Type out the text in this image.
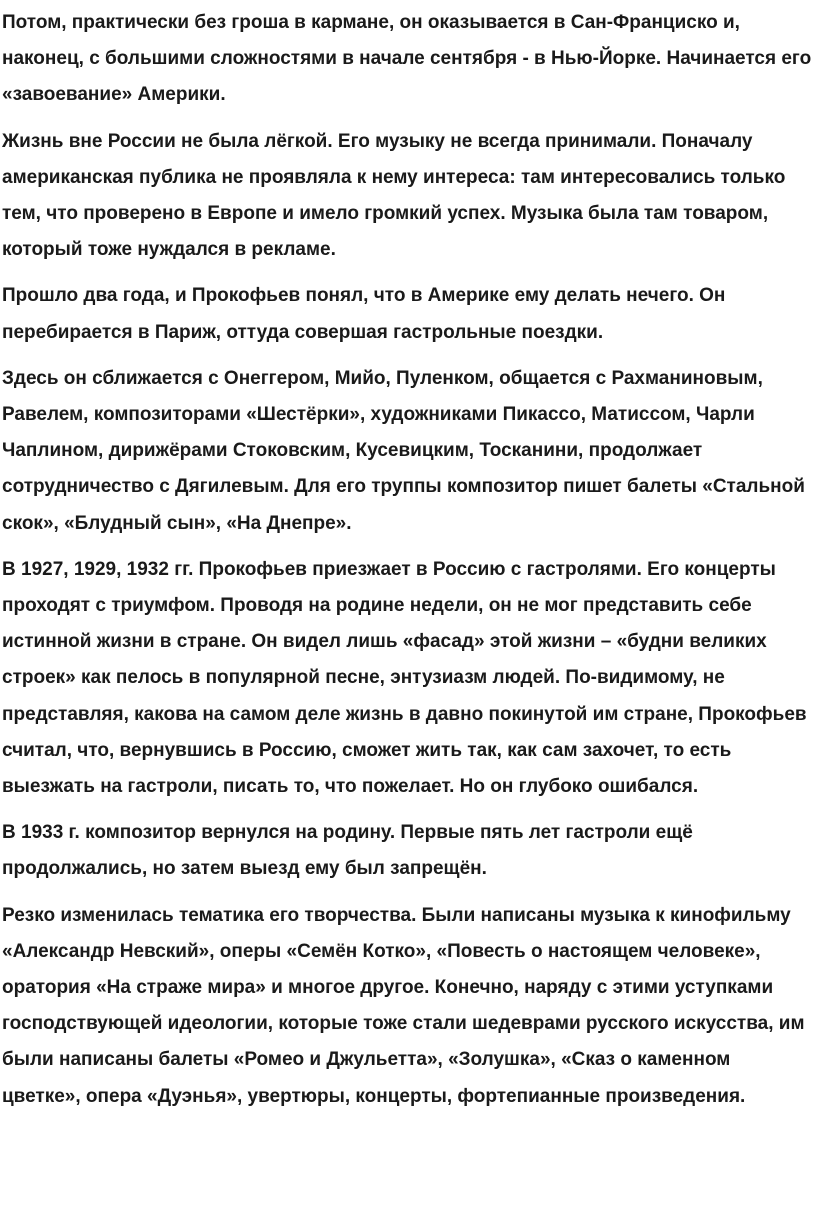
Потом, практически без гроша в кармане, он оказывается в Сан-Франциско и, наконец, с большими сложностями в начале сентября - в Нью-Йорке. Начинается его «завоевание» Америки.

Жизнь вне России не была лёгкой. Его музыку не всегда принимали. Поначалу американская публика не проявляла к нему интереса: там интересовались только тем, что проверено в Европе и имело громкий успех. Музыка была там товаром, который тоже нуждался в рекламе.

Прошло два года, и Прокофьев понял, что в Америке ему делать нечего. Он перебирается в Париж, оттуда совершая гастрольные поездки.

Здесь он сближается с Онеггером, Мийо, Пуленком, общается с Рахманиновым, Равелем, композиторами «Шестёрки», художниками Пикассо, Матиссом, Чарли Чаплином, дирижёрами Стоковским, Кусевицким, Тосканини, продолжает сотрудничество с Дягилевым. Для его труппы композитор пишет балеты «Стальной скок», «Блудный сын», «На Днепре».

В 1927, 1929, 1932 гг. Прокофьев приезжает в Россию с гастролями. Его концерты проходят с триумфом. Проводя на родине недели, он не мог представить себе истинной жизни в стране. Он видел лишь «фасад» этой жизни – «будни великих строек» как пелось в популярной песне, энтузиазм людей. По-видимому, не представляя, какова на самом деле жизнь в давно покинутой им стране, Прокофьев считал, что, вернувшись в Россию, сможет жить так, как сам захочет, то есть выезжать на гастроли, писать то, что пожелает. Но он глубоко ошибался.

В 1933 г. композитор вернулся на родину. Первые пять лет гастроли ещё продолжались, но затем выезд ему был запрещён.

Резко изменилась тематика его творчества. Были написаны музыка к кинофильму «Александр Невский», оперы «Семён Котко», «Повесть о настоящем человеке», оратория «На страже мира» и многое другое. Конечно, наряду с этими уступками господствующей идеологии, которые тоже стали шедеврами русского искусства, им были написаны балеты «Ромео и Джульетта», «Золушка», «Сказ о каменном цветке», опера «Дуэнья», увертюры, концерты, фортепианные произведения.
